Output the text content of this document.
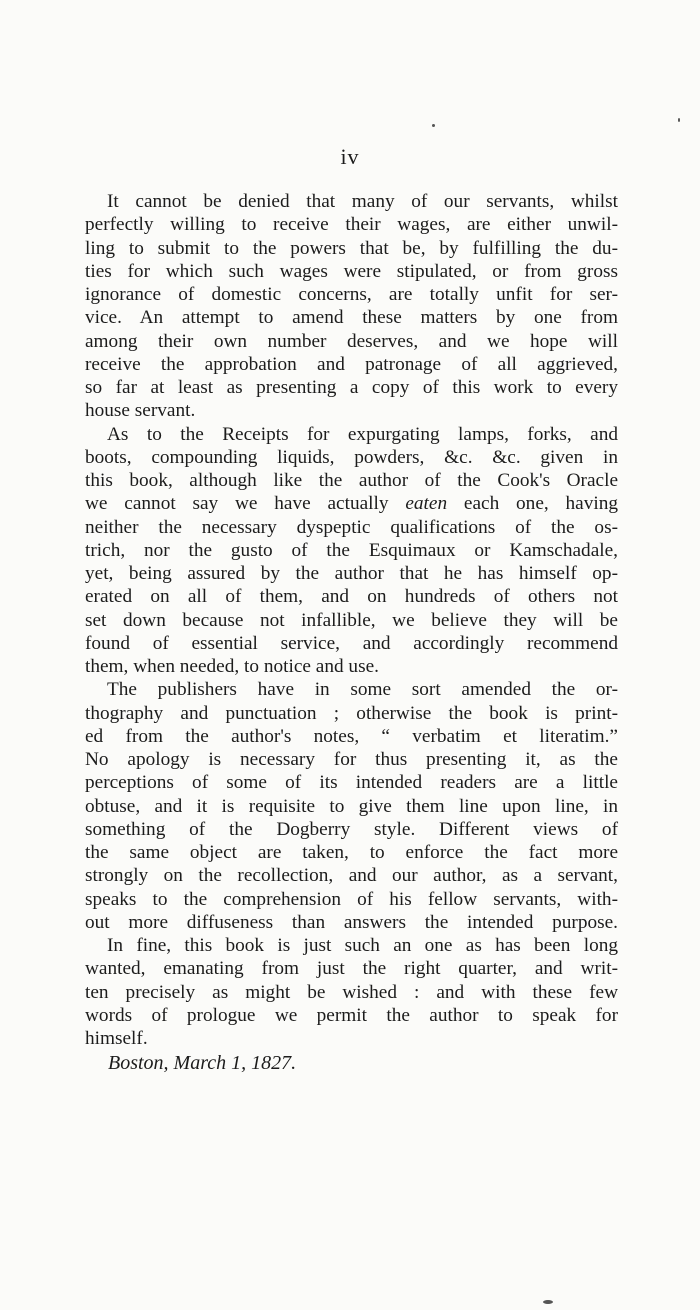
iv
It cannot be denied that many of our servants, whilst
perfectly willing to receive their wages, are either unwil-
ling to submit to the powers that be, by fulfilling the du-
ties for which such wages were stipulated, or from gross
ignorance of domestic concerns, are totally unfit for ser-
vice. An attempt to amend these matters by one from
among their own number deserves, and we hope will
receive the approbation and patronage of all aggrieved,
so far at least as presenting a copy of this work to every
house servant.
As to the Receipts for expurgating lamps, forks, and
boots, compounding liquids, powders, &c. &c. given in
this book, although like the author of the Cook's Oracle
we cannot say we have actually eaten each one, having
neither the necessary dyspeptic qualifications of the os-
trich, nor the gusto of the Esquimaux or Kamschadale,
yet, being assured by the author that he has himself op-
erated on all of them, and on hundreds of others not
set down because not infallible, we believe they will be
found of essential service, and accordingly recommend
them, when needed, to notice and use.
The publishers have in some sort amended the or-
thography and punctuation ; otherwise the book is print-
ed from the author's notes, “ verbatim et literatim.”
No apology is necessary for thus presenting it, as the
perceptions of some of its intended readers are a little
obtuse, and it is requisite to give them line upon line, in
something of the Dogberry style. Different views of
the same object are taken, to enforce the fact more
strongly on the recollection, and our author, as a servant,
speaks to the comprehension of his fellow servants, with-
out more diffuseness than answers the intended purpose.
In fine, this book is just such an one as has been long
wanted, emanating from just the right quarter, and writ-
ten precisely as might be wished : and with these few
words of prologue we permit the author to speak for
himself.
Boston, March 1, 1827.
